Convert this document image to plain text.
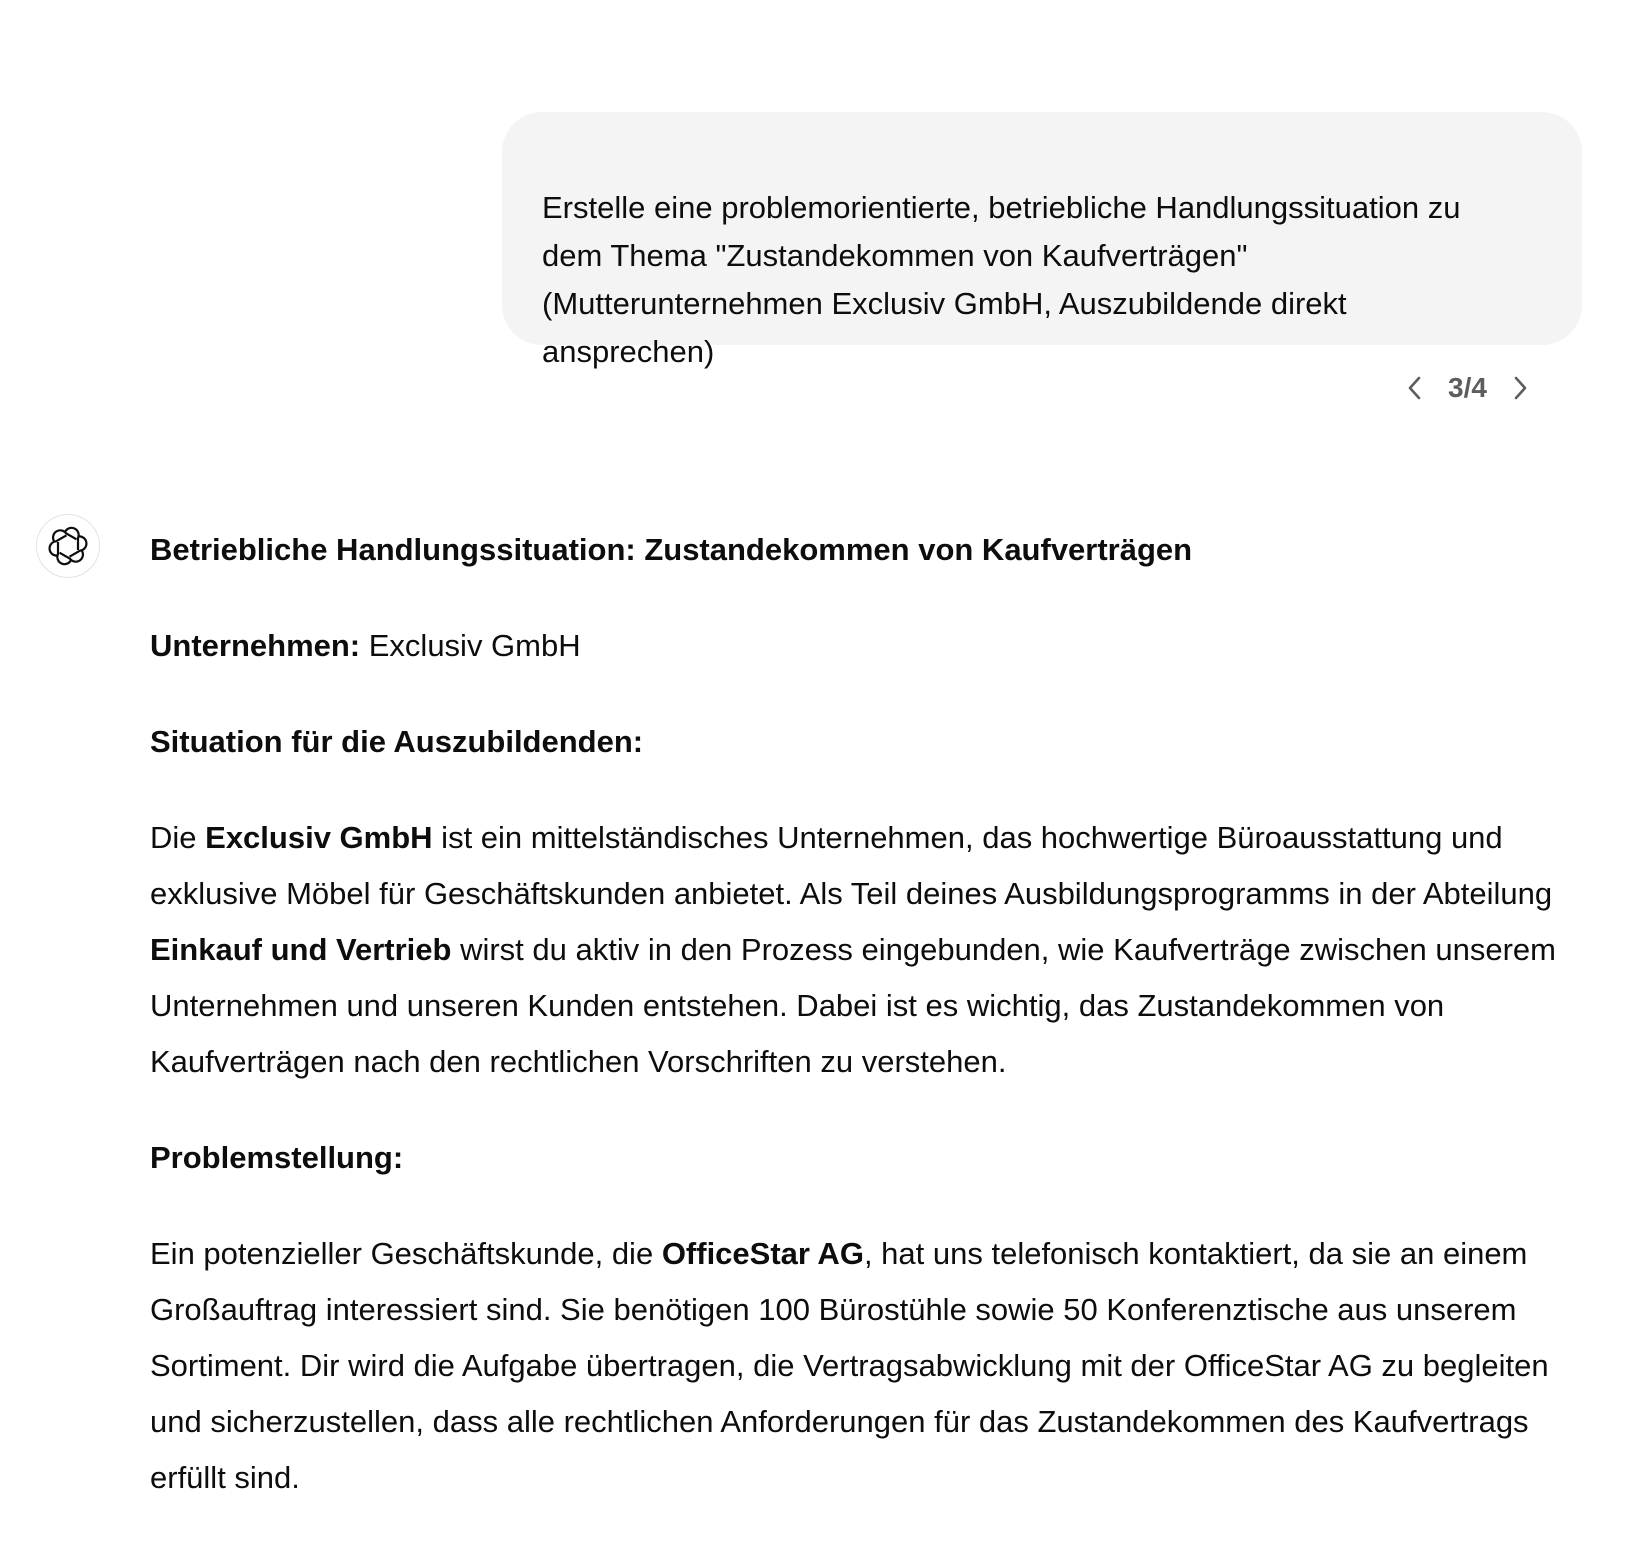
Erstelle eine problemorientierte, betriebliche Handlungssituation zu
dem Thema "Zustandekommen von Kaufverträgen"
(Mutterunternehmen Exclusiv GmbH, Auszubildende direkt
ansprechen)

3/4

Betriebliche Handlungssituation: Zustandekommen von Kaufverträgen

Unternehmen: Exclusiv GmbH

Situation für die Auszubildenden:

Die Exclusiv GmbH ist ein mittelständisches Unternehmen, das hochwertige Büroausstattung und exklusive Möbel für Geschäftskunden anbietet. Als Teil deines Ausbildungsprogramms in der Abteilung Einkauf und Vertrieb wirst du aktiv in den Prozess eingebunden, wie Kaufverträge zwischen unserem Unternehmen und unseren Kunden entstehen. Dabei ist es wichtig, das Zustandekommen von Kaufverträgen nach den rechtlichen Vorschriften zu verstehen.

Problemstellung:

Ein potenzieller Geschäftskunde, die OfficeStar AG, hat uns telefonisch kontaktiert, da sie an einem Großauftrag interessiert sind. Sie benötigen 100 Bürostühle sowie 50 Konferenztische aus unserem Sortiment. Dir wird die Aufgabe übertragen, die Vertragsabwicklung mit der OfficeStar AG zu begleiten und sicherzustellen, dass alle rechtlichen Anforderungen für das Zustandekommen des Kaufvertrags erfüllt sind.
